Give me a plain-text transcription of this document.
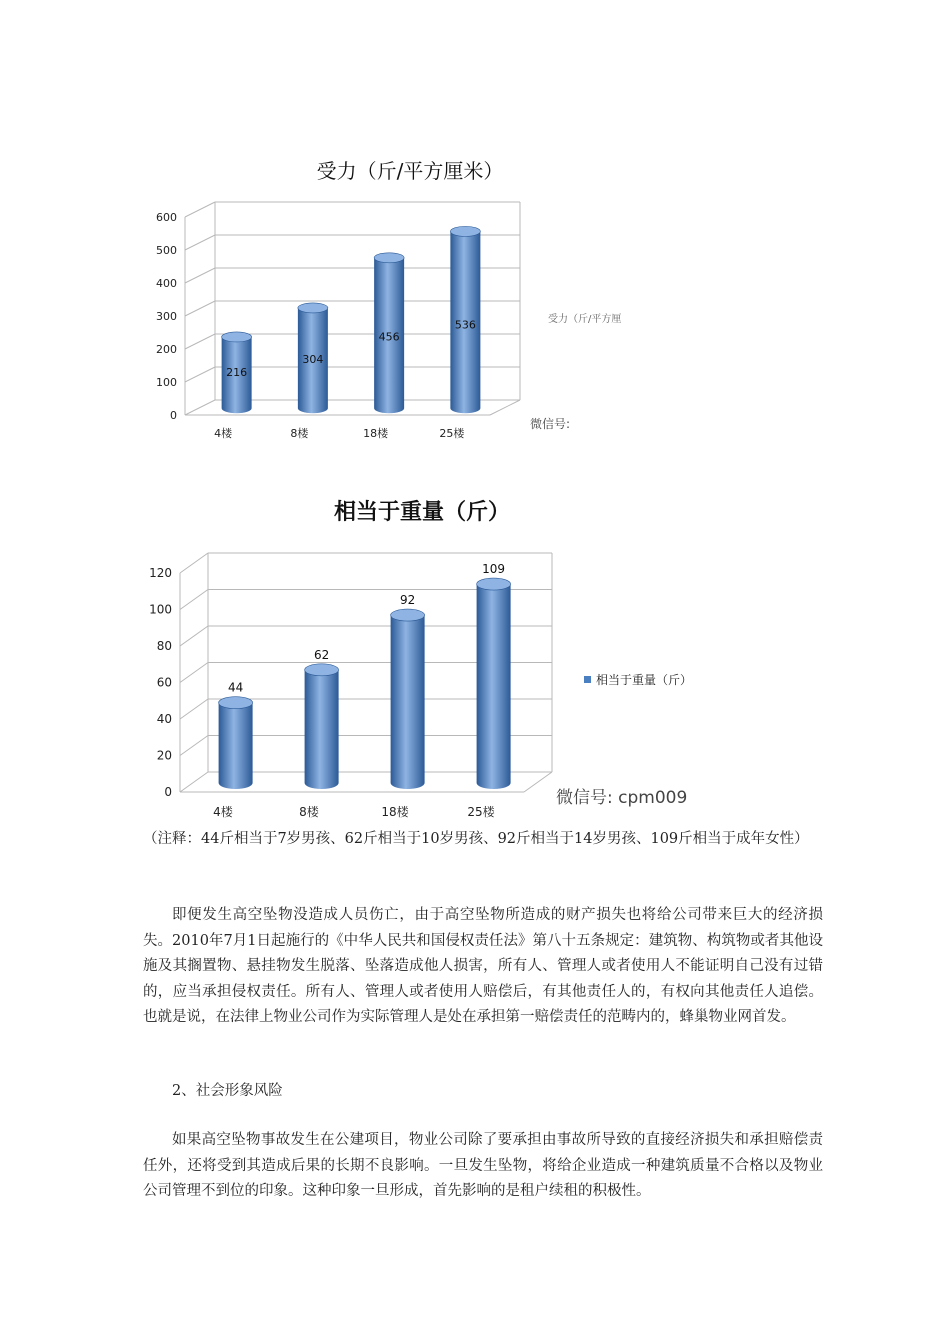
受力（斤/平方厘米）
0
100
200
300
400
500
600
216
4楼
304
8楼
456
18楼
536
25楼
受力（斤/平方厘
微信号:
相当于重量（斤）
0
20
40
60
80
100
120
44
4楼
62
8楼
92
18楼
109
25楼
相当于重量（斤）
微信号: cpm009

（注释：44斤相当于7岁男孩、62斤相当于10岁男孩、92斤相当于14岁男孩、109斤相当于成年女性）

即便发生高空坠物没造成人员伤亡，由于高空坠物所造成的财产损失也将给公司带来巨大的经济损失。2010年7月1日起施行的《中华人民共和国侵权责任法》第八十五条规定：建筑物、构筑物或者其他设施及其搁置物、悬挂物发生脱落、坠落造成他人损害，所有人、管理人或者使用人不能证明自己没有过错的，应当承担侵权责任。所有人、管理人或者使用人赔偿后，有其他责任人的，有权向其他责任人追偿。也就是说，在法律上物业公司作为实际管理人是处在承担第一赔偿责任的范畴内的，蜂巢物业网首发。

2、社会形象风险

如果高空坠物事故发生在公建项目，物业公司除了要承担由事故所导致的直接经济损失和承担赔偿责任外，还将受到其造成后果的长期不良影响。一旦发生坠物，将给企业造成一种建筑质量不合格以及物业公司管理不到位的印象。这种印象一旦形成，首先影响的是租户续租的积极性。
